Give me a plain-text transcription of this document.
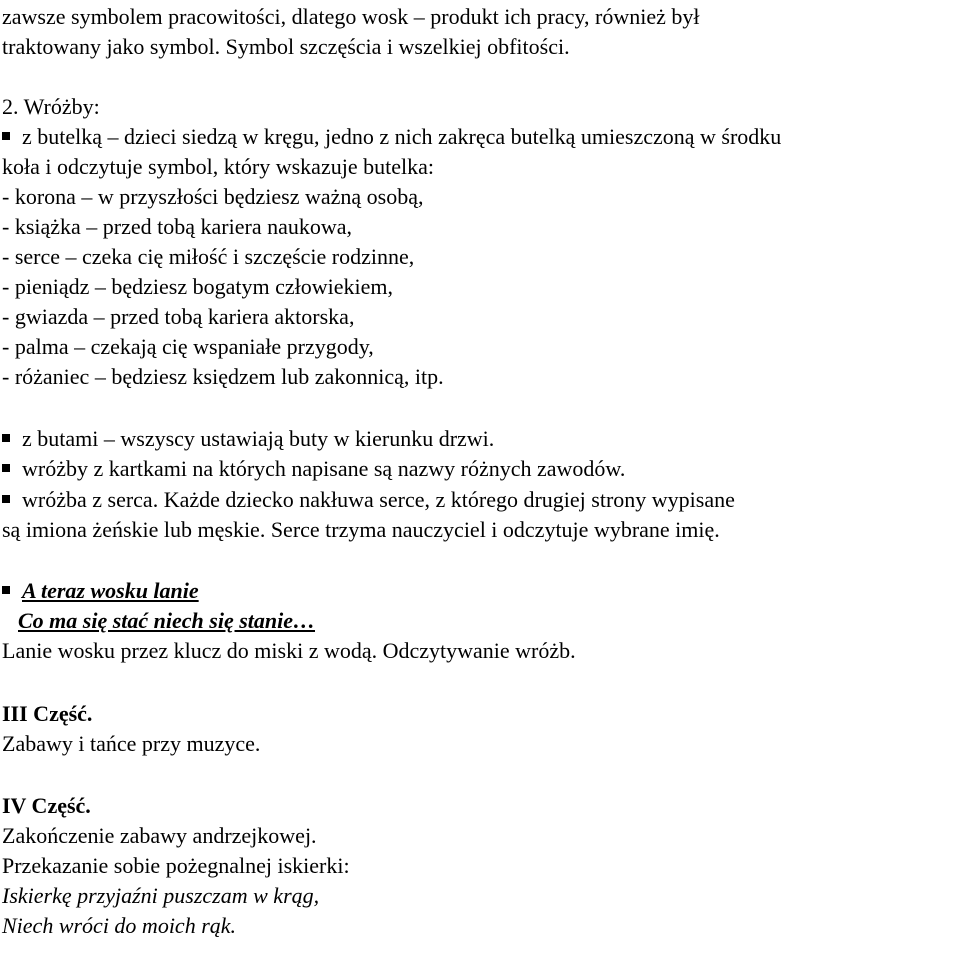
zawsze symbolem pracowitości, dlatego wosk – produkt ich pracy, również był
traktowany jako symbol. Symbol szczęścia i wszelkiej obfitości.
2. Wróżby:
z butelką – dzieci siedzą w kręgu, jedno z nich zakręca butelką umieszczoną w środku
koła i odczytuje symbol, który wskazuje butelka:
- korona – w przyszłości będziesz ważną osobą,
- książka – przed tobą kariera naukowa,
- serce – czeka cię miłość i szczęście rodzinne,
- pieniądz – będziesz bogatym człowiekiem,
- gwiazda – przed tobą kariera aktorska,
- palma – czekają cię wspaniałe przygody,
- różaniec – będziesz księdzem lub zakonnicą, itp.
z butami – wszyscy ustawiają buty w kierunku drzwi.
wróżby z kartkami na których napisane są nazwy różnych zawodów.
wróżba z serca. Każde dziecko nakłuwa serce, z którego drugiej strony wypisane
są imiona żeńskie lub męskie. Serce trzyma nauczyciel i odczytuje wybrane imię.
A teraz wosku lanie
Co ma się stać niech się stanie…
Lanie wosku przez klucz do miski z wodą. Odczytywanie wróżb.
III Część.
Zabawy i tańce przy muzyce.
IV Część.
Zakończenie zabawy andrzejkowej.
Przekazanie sobie pożegnalnej iskierki:
Iskierkę przyjaźni puszczam w krąg,
Niech wróci do moich rąk.
